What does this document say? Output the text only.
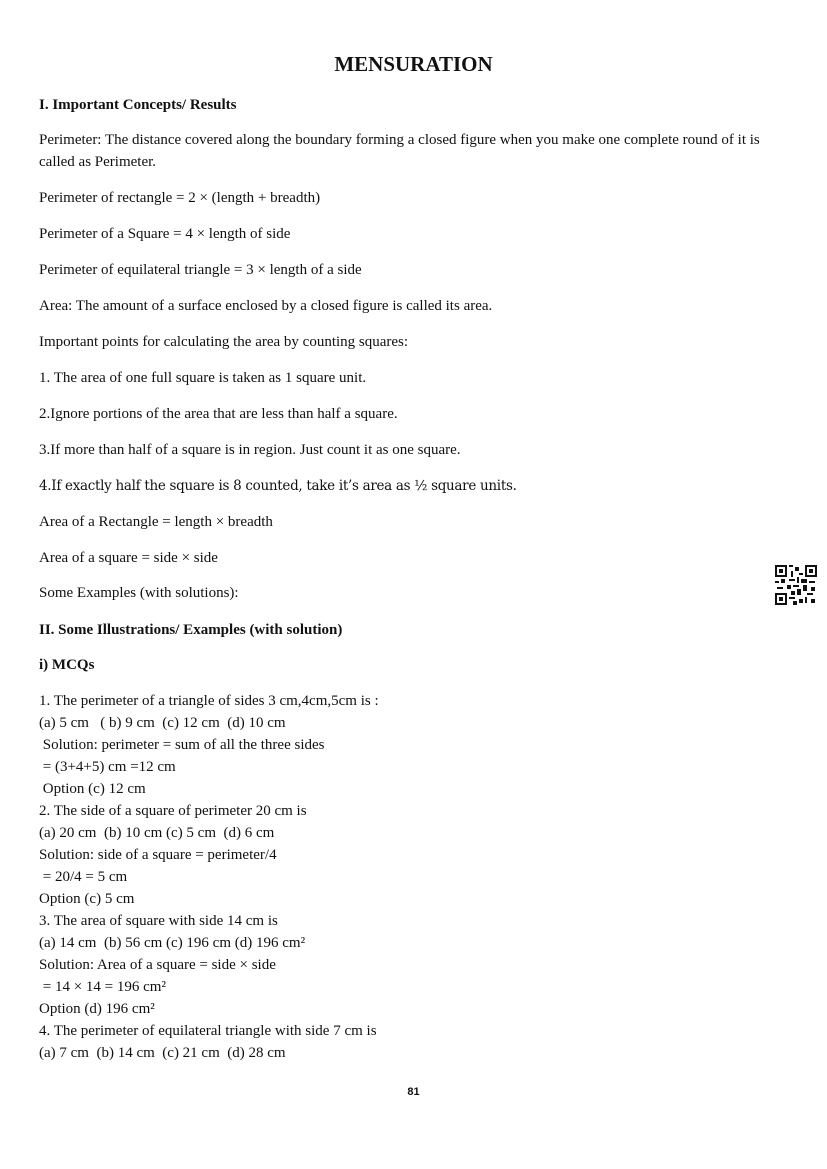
MENSURATION
I. Important Concepts/ Results
Perimeter: The distance covered along the boundary forming a closed figure when you make one complete round of it is called as Perimeter.
Perimeter of rectangle = 2 × (length + breadth)
Perimeter of a Square = 4 × length of side
Perimeter of equilateral triangle = 3 × length of a side
Area: The amount of a surface enclosed by a closed figure is called its area.
Important points for calculating the area by counting squares:
1. The area of one full square is taken as 1 square unit.
2.Ignore portions of the area that are less than half a square.
3.If more than half of a square is in region. Just count it as one square.
4.If exactly half the square is 8 counted, take it’s area as ½ square units.
Area of a Rectangle = length × breadth
Area of a square = side × side
Some Examples (with solutions):
II. Some Illustrations/ Examples (with solution)
i) MCQs
1. The perimeter of a triangle of sides 3 cm,4cm,5cm is :
(a) 5 cm   ( b) 9 cm  (c) 12 cm  (d) 10 cm
Solution: perimeter = sum of all the three sides
= (3+4+5) cm =12 cm
Option (c) 12 cm
2. The side of a square of perimeter 20 cm is
(a) 20 cm  (b) 10 cm (c) 5 cm  (d) 6 cm
Solution: side of a square = perimeter/4
= 20/4 = 5 cm
Option (c) 5 cm
3. The area of square with side 14 cm is
(a) 14 cm  (b) 56 cm (c) 196 cm (d) 196 cm²
Solution: Area of a square = side × side
= 14 × 14 = 196 cm²
Option (d) 196 cm²
4. The perimeter of equilateral triangle with side 7 cm is
(a) 7 cm  (b) 14 cm  (c) 21 cm  (d) 28 cm
81
